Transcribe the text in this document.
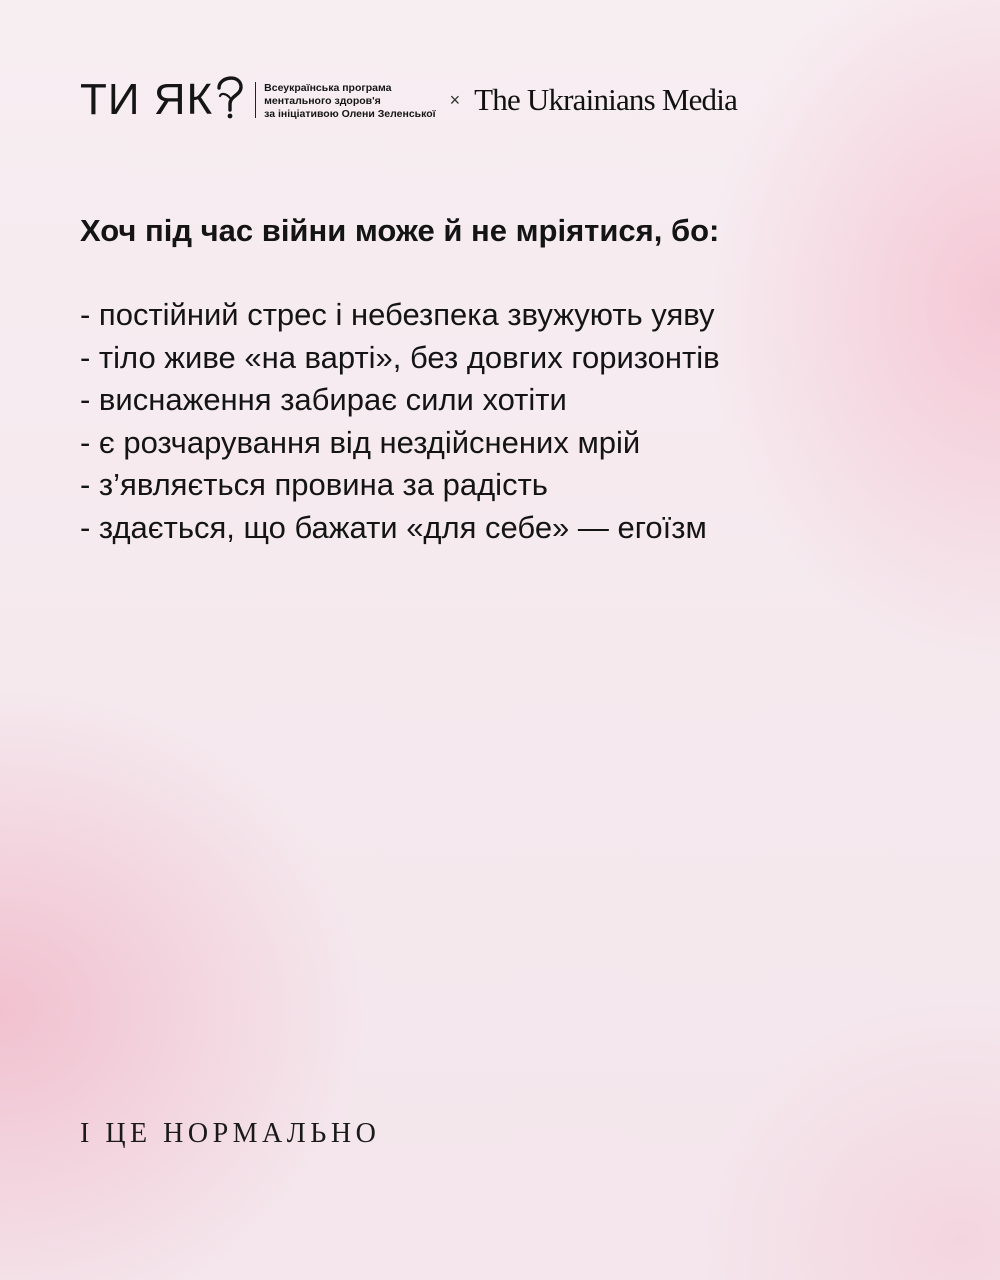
ТИ ЯК	Всеукраїнська програма
ментального здоров'я
за ініціативою Олени Зеленської
× The Ukrainians Media
Хоч під час війни може й не мріятися, бо:
- постійний стрес і небезпека звужують уяву
- тіло живе «на варті», без довгих горизонтів
- виснаження забирає сили хотіти
- є розчарування від нездійснених мрій
- з’являється провина за радість
- здається, що бажати «для себе» — егоїзм
І ЦЕ НОРМАЛЬНО
